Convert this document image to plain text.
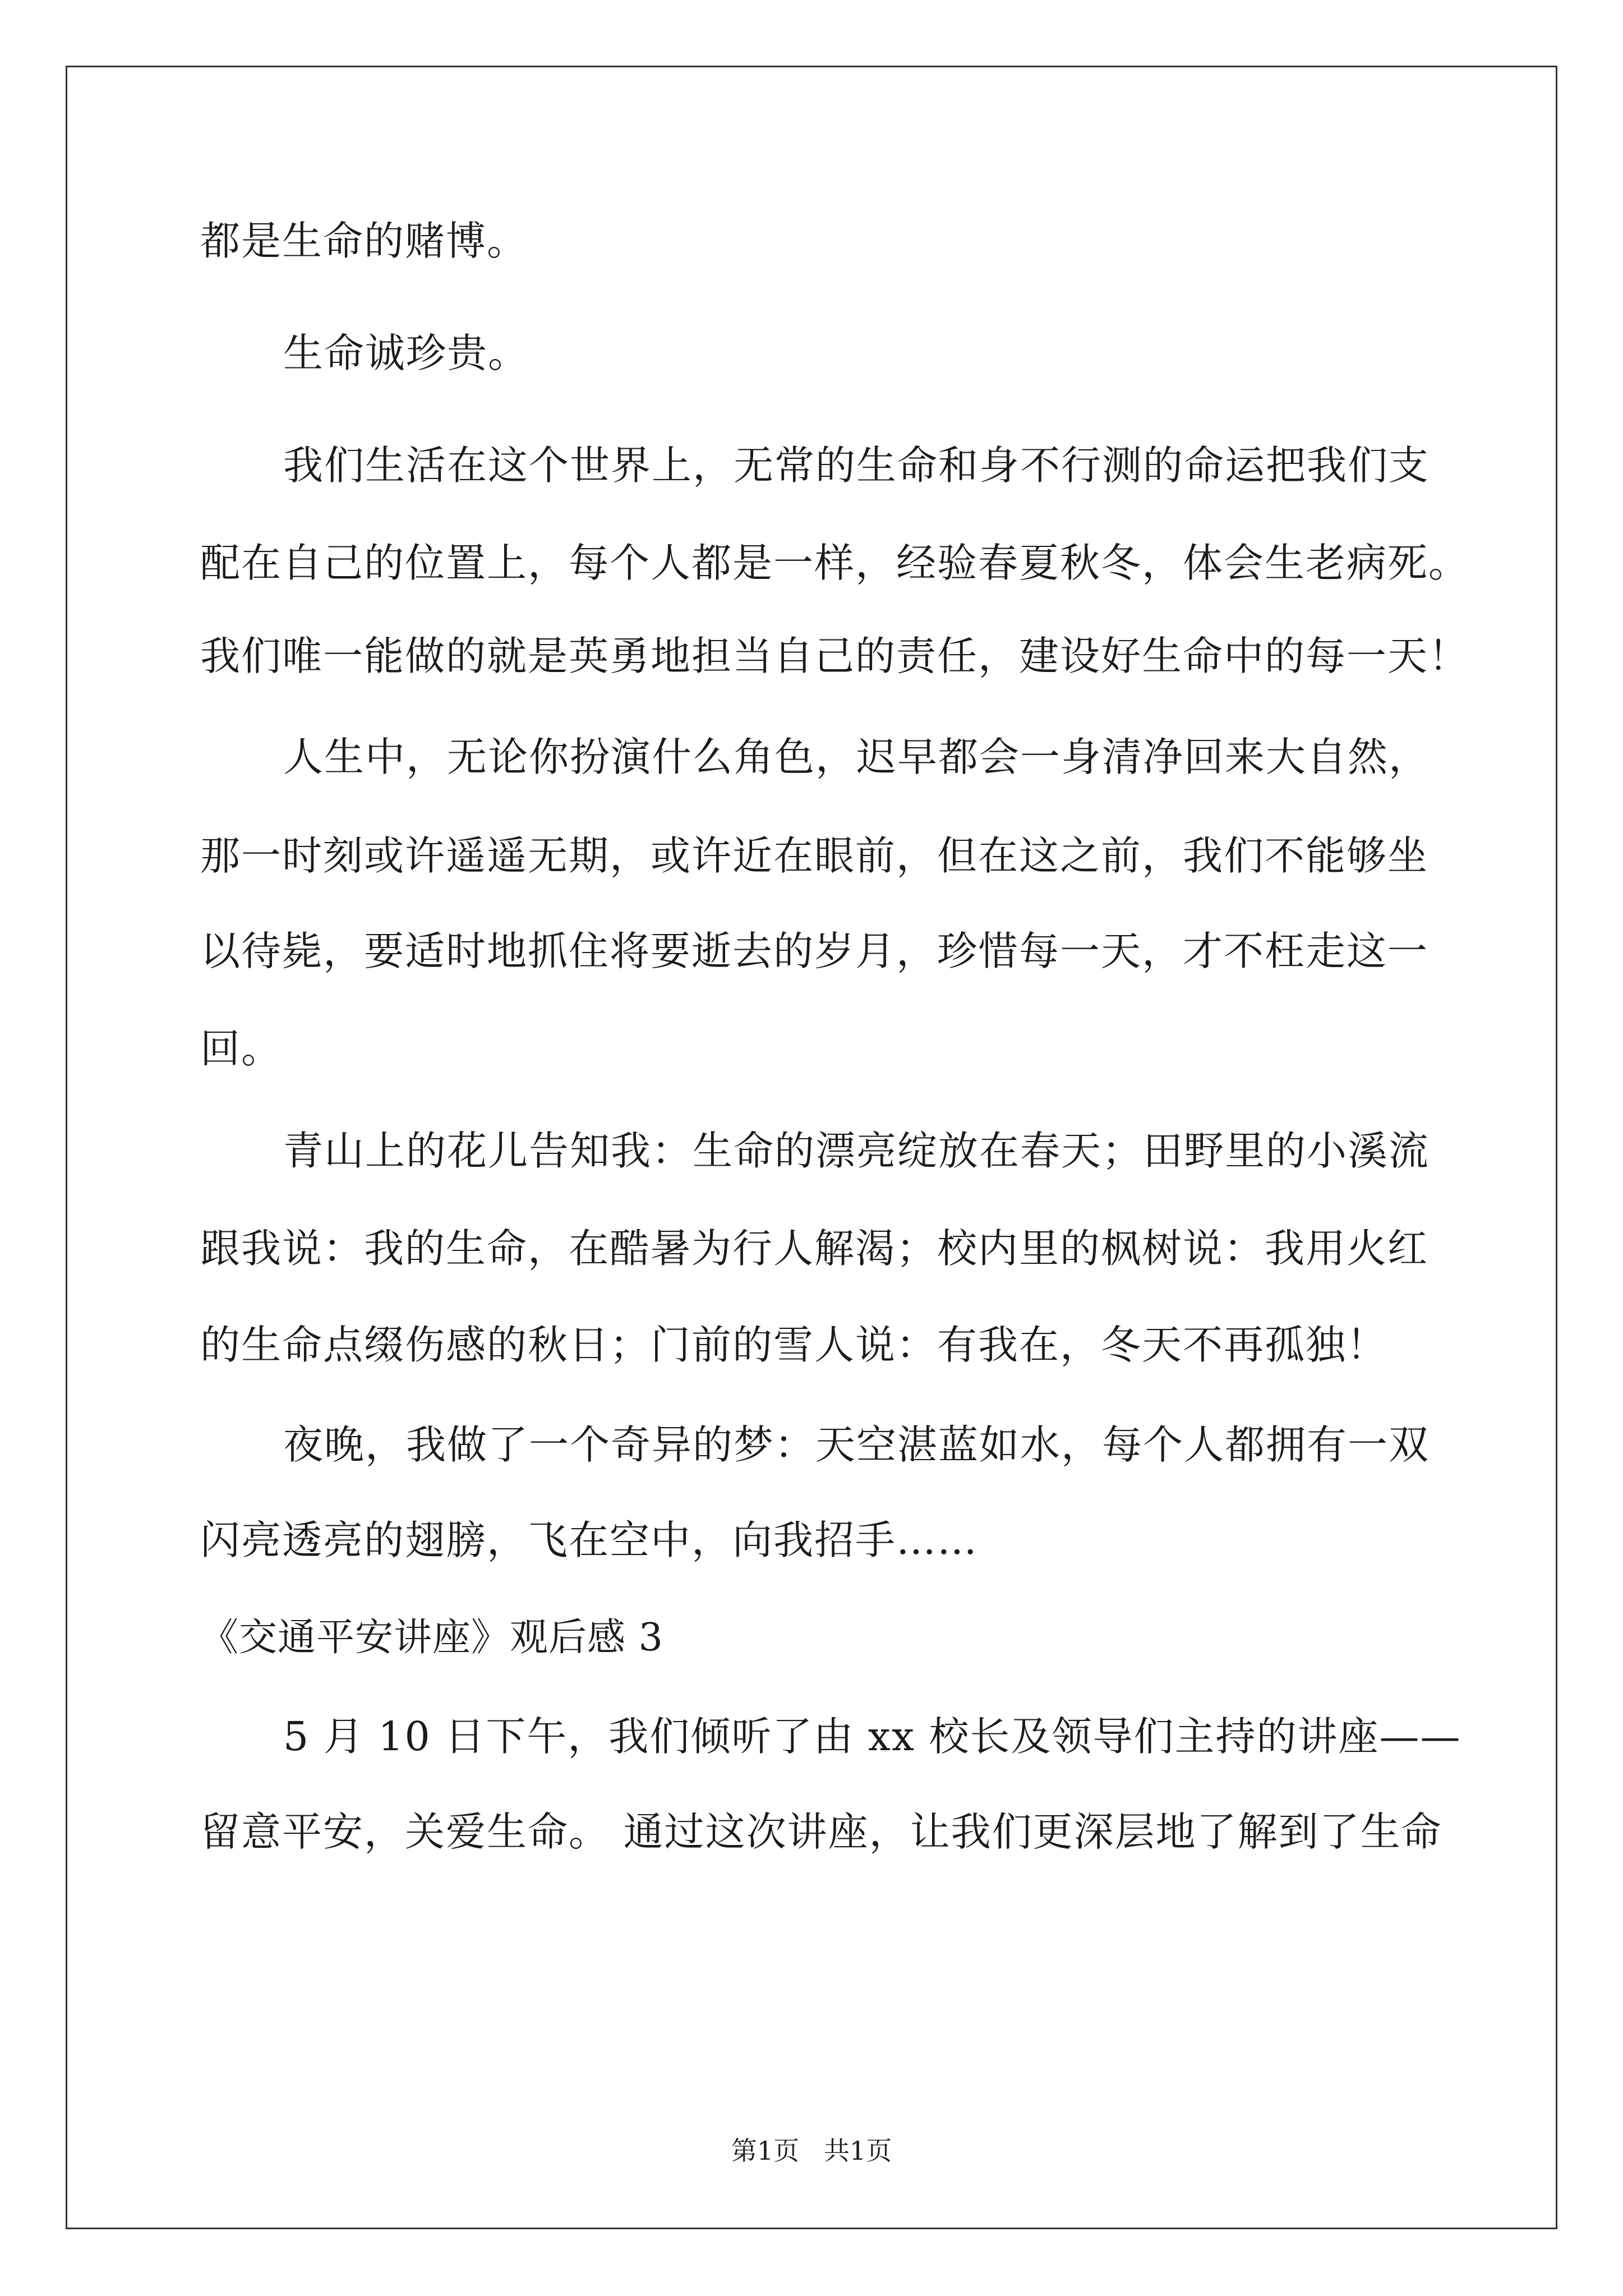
都是生命的赌博。
生命诚珍贵。
我们生活在这个世界上，无常的生命和身不行测的命运把我们支
配在自己的位置上，每个人都是一样，经验春夏秋冬，体会生老病死。
我们唯一能做的就是英勇地担当自己的责任，建设好生命中的每一天！
人生中，无论你扮演什么角色，迟早都会一身清净回来大自然，
那一时刻或许遥遥无期，或许近在眼前，但在这之前，我们不能够坐
以待毙，要适时地抓住将要逝去的岁月，珍惜每一天，才不枉走这一
回。
青山上的花儿告知我：生命的漂亮绽放在春天；田野里的小溪流
跟我说：我的生命，在酷暑为行人解渴；校内里的枫树说：我用火红
的生命点缀伤感的秋日；门前的雪人说：有我在，冬天不再孤独！
夜晚，我做了一个奇异的梦：天空湛蓝如水，每个人都拥有一双
闪亮透亮的翅膀，飞在空中，向我招手……
《交通平安讲座》观后感 3
5 月 10 日下午，我们倾听了由 xx 校长及领导们主持的讲座——
留意平安，关爱生命。 通过这次讲座，让我们更深层地了解到了生命
第1页   共1页
